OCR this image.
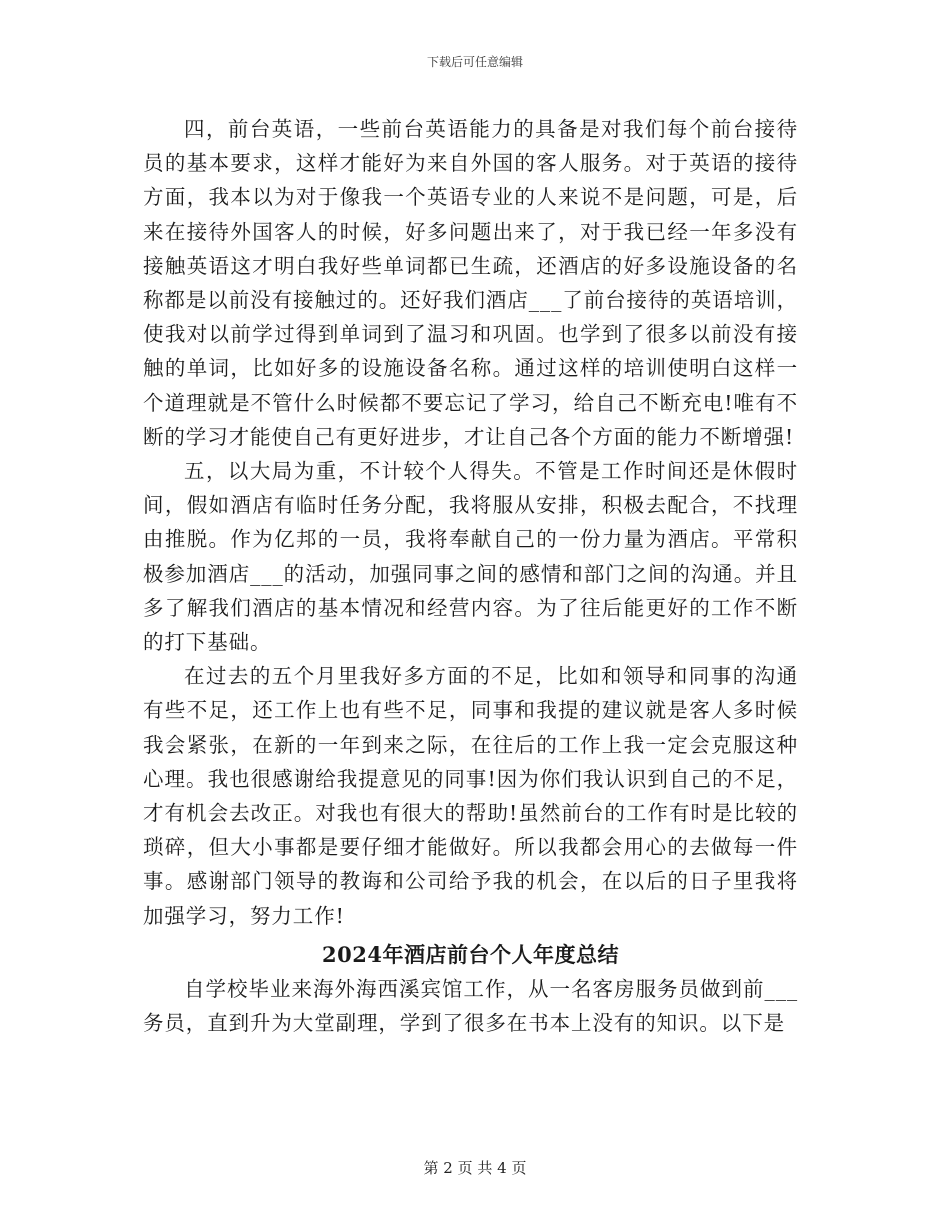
下载后可任意编辑

四，前台英语，一些前台英语能力的具备是对我们每个前台接待员的基本要求，这样才能好为来自外国的客人服务。对于英语的接待方面，我本以为对于像我一个英语专业的人来说不是问题，可是，后来在接待外国客人的时候，好多问题出来了，对于我已经一年多没有接触英语这才明白我好些单词都已生疏，还酒店的好多设施设备的名称都是以前没有接触过的。还好我们酒店___了前台接待的英语培训，使我对以前学过得到单词到了温习和巩固。也学到了很多以前没有接触的单词，比如好多的设施设备名称。通过这样的培训使明白这样一个道理就是不管什么时候都不要忘记了学习，给自己不断充电!唯有不断的学习才能使自己有更好进步，才让自己各个方面的能力不断增强!

五，以大局为重，不计较个人得失。不管是工作时间还是休假时间，假如酒店有临时任务分配，我将服从安排，积极去配合，不找理由推脱。作为亿邦的一员，我将奉献自己的一份力量为酒店。平常积极参加酒店___的活动，加强同事之间的感情和部门之间的沟通。并且多了解我们酒店的基本情况和经营内容。为了往后能更好的工作不断的打下基础。

在过去的五个月里我好多方面的不足，比如和领导和同事的沟通有些不足，还工作上也有些不足，同事和我提的建议就是客人多时候我会紧张，在新的一年到来之际，在往后的工作上我一定会克服这种心理。我也很感谢给我提意见的同事!因为你们我认识到自己的不足，才有机会去改正。对我也有很大的帮助!虽然前台的工作有时是比较的琐碎，但大小事都是要仔细才能做好。所以我都会用心的去做每一件事。感谢部门领导的教诲和公司给予我的机会，在以后的日子里我将加强学习，努力工作!

2024年酒店前台个人年度总结

自学校毕业来海外海西溪宾馆工作，从一名客房服务员做到前___务员，直到升为大堂副理，学到了很多在书本上没有的知识。以下是

第 2 页 共 4 页
